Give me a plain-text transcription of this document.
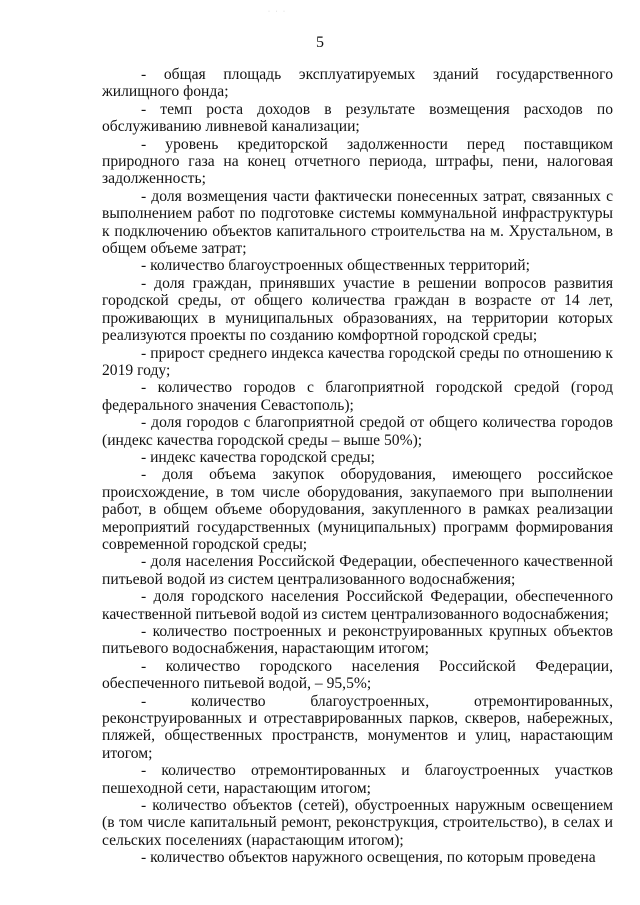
· · ·
5

- общая площадь эксплуатируемых зданий государственного жилищного фонда;

- темп роста доходов в результате возмещения расходов по обслуживанию ливневой канализации;

- уровень кредиторской задолженности перед поставщиком природного газа на конец отчетного периода, штрафы, пени, налоговая задолженность;

- доля возмещения части фактически понесенных затрат, связанных с выполнением работ по подготовке системы коммунальной инфраструктуры к подключению объектов капитального строительства на м. Хрустальном, в общем объеме затрат;

- количество благоустроенных общественных территорий;

- доля граждан, принявших участие в решении вопросов развития городской среды, от общего количества граждан в возрасте от 14 лет, проживающих в муниципальных образованиях, на территории которых реализуются проекты по созданию комфортной городской среды;

- прирост среднего индекса качества городской среды по отношению к 2019 году;

- количество городов с благоприятной городской средой (город федерального значения Севастополь);

- доля городов с благоприятной средой от общего количества городов (индекс качества городской среды – выше 50%);

- индекс качества городской среды;

- доля объема закупок оборудования, имеющего российское происхождение, в том числе оборудования, закупаемого при выполнении работ, в общем объеме оборудования, закупленного в рамках реализации мероприятий государственных (муниципальных) программ формирования современной городской среды;

- доля населения Российской Федерации, обеспеченного качественной питьевой водой из систем централизованного водоснабжения;

- доля городского населения Российской Федерации, обеспеченного качественной питьевой водой из систем централизованного водоснабжения;

- количество построенных и реконструированных крупных объектов питьевого водоснабжения, нарастающим итогом;

- количество городского населения Российской Федерации, обеспеченного питьевой водой, – 95,5%;

- количество благоустроенных, отремонтированных, реконструированных и отреставрированных парков, скверов, набережных, пляжей, общественных пространств, монументов и улиц, нарастающим итогом;

- количество отремонтированных и благоустроенных участков пешеходной сети, нарастающим итогом;

- количество объектов (сетей), обустроенных наружным освещением (в том числе капитальный ремонт, реконструкция, строительство), в селах и сельских поселениях (нарастающим итогом);

- количество объектов наружного освещения, по которым проведена
